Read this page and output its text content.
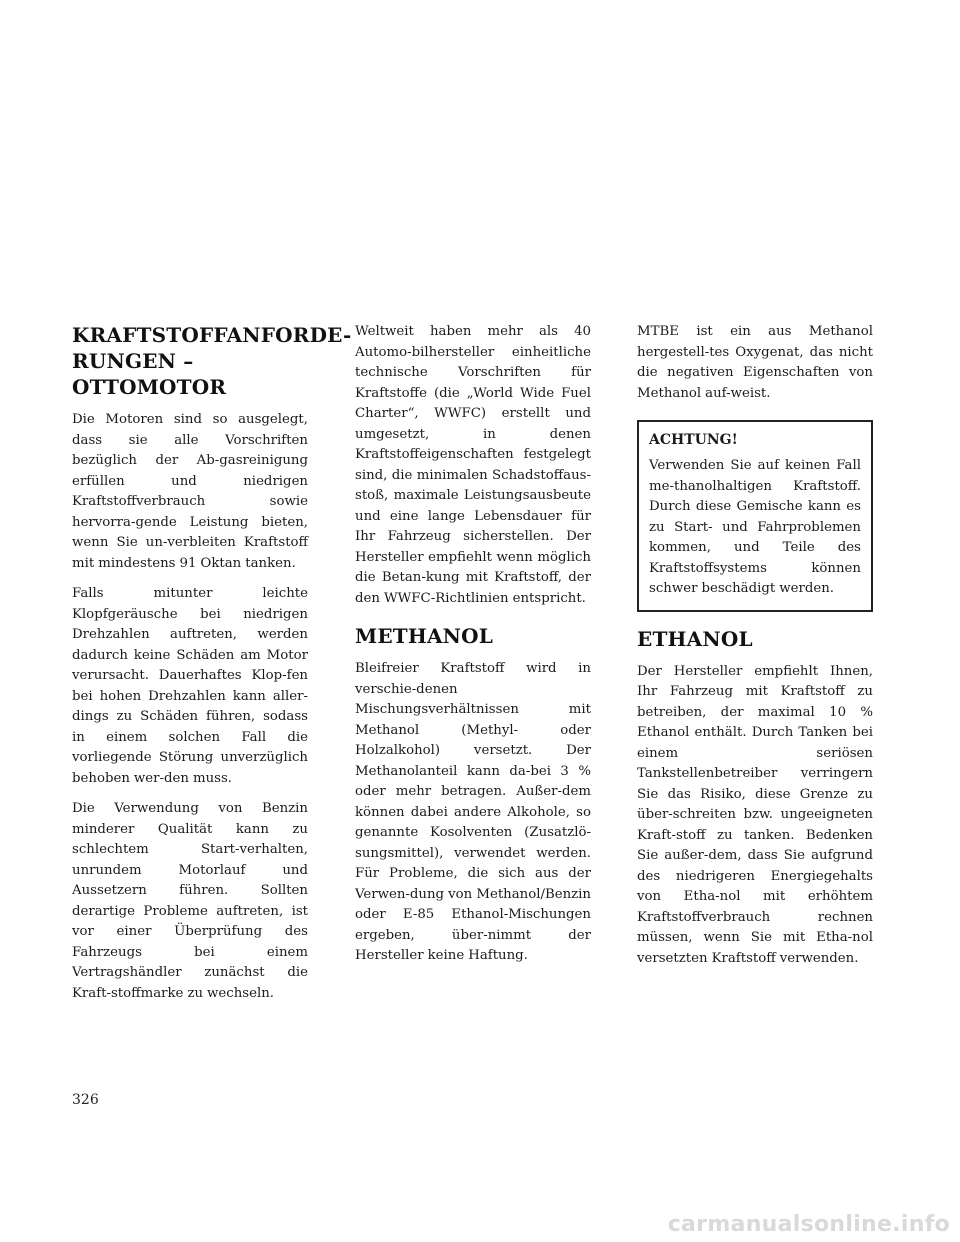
KRAFTSTOFFANFORDE-
RUNGEN – OTTOMOTOR

Die Motoren sind so ausgelegt, dass sie alle Vorschriften bezüglich der Ab-gasreinigung erfüllen und niedrigen Kraftstoffverbrauch sowie hervorra-gende Leistung bieten, wenn Sie un-verbleiten Kraftstoff mit mindestens 91 Oktan tanken.

Falls mitunter leichte Klopfgeräusche bei niedrigen Drehzahlen auftreten, werden dadurch keine Schäden am Motor verursacht. Dauerhaftes Klop-fen bei hohen Drehzahlen kann aller-dings zu Schäden führen, sodass in einem solchen Fall die vorliegende Störung unverzüglich behoben wer-den muss.

Die Verwendung von Benzin minderer Qualität kann zu schlechtem Start-verhalten, unrundem Motorlauf und Aussetzern führen. Sollten derartige Probleme auftreten, ist vor einer Überprüfung des Fahrzeugs bei einem Vertragshändler zunächst die Kraft-stoffmarke zu wechseln.

Weltweit haben mehr als 40 Automo-bilhersteller einheitliche technische Vorschriften für Kraftstoffe (die „World Wide Fuel Charter“, WWFC) erstellt und umgesetzt, in denen Kraftstoffeigenschaften festgelegt sind, die minimalen Schadstoffaus-stoß, maximale Leistungsausbeute und eine lange Lebensdauer für Ihr Fahrzeug sicherstellen. Der Hersteller empfiehlt wenn möglich die Betan-kung mit Kraftstoff, der den WWFC-Richtlinien entspricht.

METHANOL

Bleifreier Kraftstoff wird in verschie-denen Mischungsverhältnissen mit Methanol (Methyl- oder Holzalkohol) versetzt. Der Methanolanteil kann da-bei 3 % oder mehr betragen. Außer-dem können dabei andere Alkohole, so genannte Kosolventen (Zusatzlö-sungsmittel), verwendet werden. Für Probleme, die sich aus der Verwen-dung von Methanol/Benzin oder E-85 Ethanol-Mischungen ergeben, über-nimmt der Hersteller keine Haftung.

MTBE ist ein aus Methanol hergestell-tes Oxygenat, das nicht die negativen Eigenschaften von Methanol auf-weist.

ACHTUNG!

Verwenden Sie auf keinen Fall me-thanolhaltigen Kraftstoff. Durch diese Gemische kann es zu Start- und Fahrproblemen kommen, und Teile des Kraftstoffsystems können schwer beschädigt werden.

ETHANOL

Der Hersteller empfiehlt Ihnen, Ihr Fahrzeug mit Kraftstoff zu betreiben, der maximal 10 % Ethanol enthält. Durch Tanken bei einem seriösen Tankstellenbetreiber verringern Sie das Risiko, diese Grenze zu über-schreiten bzw. ungeeigneten Kraft-stoff zu tanken. Bedenken Sie außer-dem, dass Sie aufgrund des niedrigeren Energiegehalts von Etha-nol mit erhöhtem Kraftstoffverbrauch rechnen müssen, wenn Sie mit Etha-nol versetzten Kraftstoff verwenden.

326
carmanualsonline.info
